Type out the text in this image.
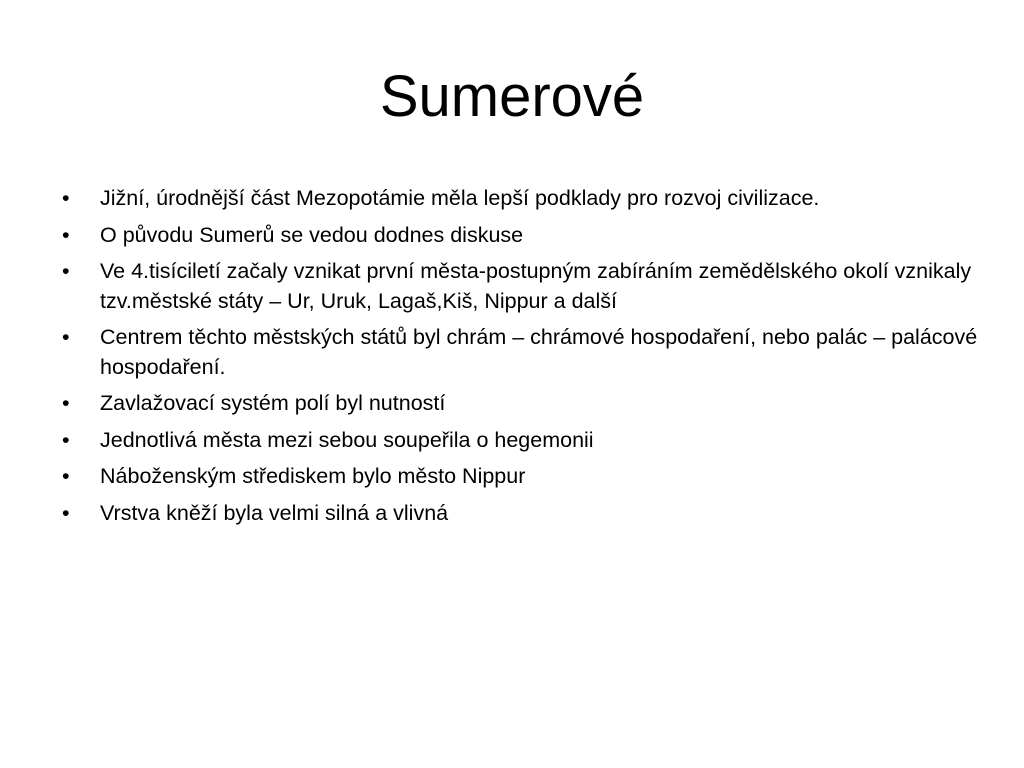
Sumerové
•	Jižní, úrodnější část Mezopotámie měla lepší podklady pro rozvoj civilizace.
•	O původu Sumerů se vedou dodnes diskuse
•	Ve 4.tisíciletí začaly vznikat první města-postupným zabíráním zemědělského okolí vznikaly tzv.městské státy – Ur, Uruk, Lagaš,Kiš, Nippur a další
•	Centrem těchto městských států byl chrám – chrámové hospodaření, nebo palác – palácové hospodaření.
•	Zavlažovací systém polí byl nutností
•	Jednotlivá města mezi sebou soupeřila o hegemonii
•	Náboženským střediskem bylo město Nippur
•	Vrstva kněží byla velmi silná a vlivná
